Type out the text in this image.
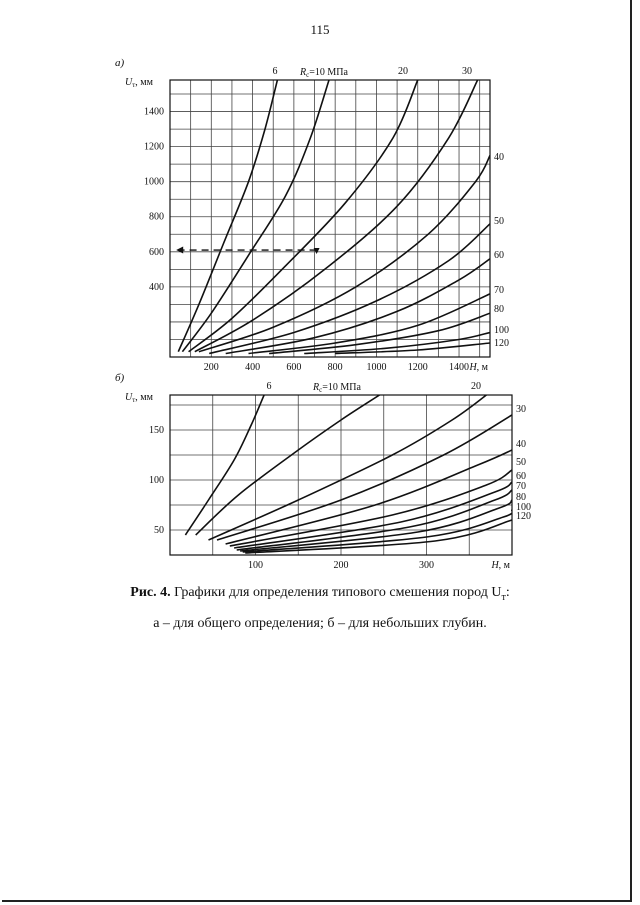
115
6	20	30
40
50
60
70
80
100
120
$R_с=10$ МПа
200	400	600	800 1000 1200 1400
400
600
800
1000
1200
1400
$U_т$, мм
H, м
а)
6	20
30
40
50
60
70
80
100
120
$R_с=10$ МПа
100	200	300
50
100
150
$U_т$, мм
H, м
б)
Рис. 4. Графики для определения типового смешения пород $U_т$:
а – для общего определения; б – для небольших глубин.
